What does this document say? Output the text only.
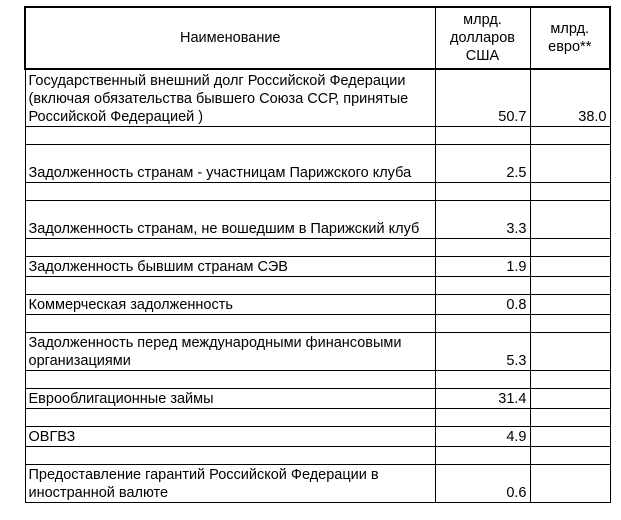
Наименование	млрд. долларов США	млрд. евро**
Государственный внешний долг Российской Федерации (включая обязательства бывшего Союза ССР, принятые Российской Федерацией )	50.7	38.0

Задолженность странам - участницам Парижского клуба	2.5	

Задолженность странам, не вошедшим в Парижский клуб	3.3	

Задолженность бывшим странам СЭВ	1.9	

Коммерческая задолженность	0.8	

Задолженность перед международными финансовыми организациями	5.3	

Еврооблигационные займы	31.4	

ОВГВЗ	4.9	

Предоставление гарантий Российской Федерации в иностранной валюте	0.6	
